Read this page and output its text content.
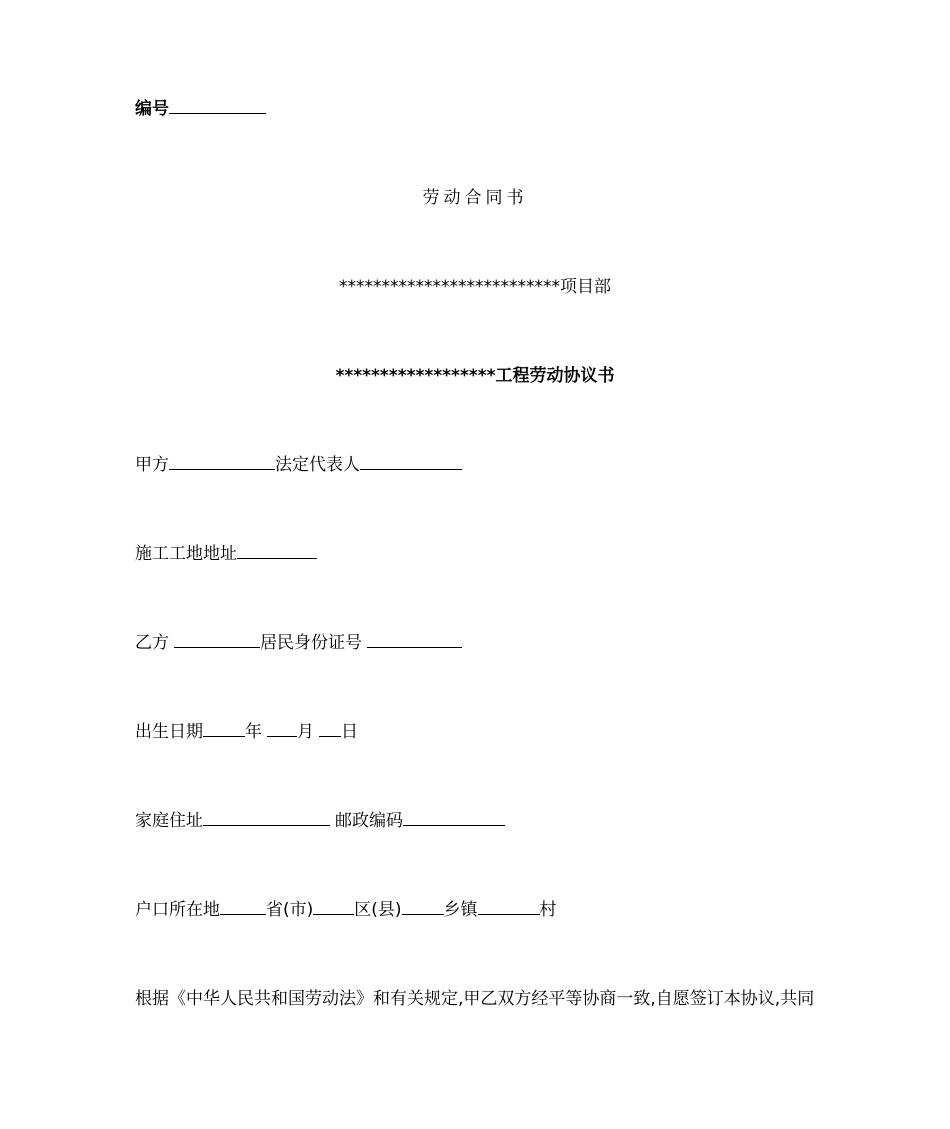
编号
劳动合同书
**************************项目部
******************工程劳动协议书
甲方	法定代表人
施工工地地址
乙方	居民身份证号
出生日期 年 月 日
家庭住址	邮政编码
户口所在地	省(市) 区(县) 乡镇	村
根据《中华人民共和国劳动法》和有关规定,甲乙双方经平等协商一致,自愿签订本协议,共同
